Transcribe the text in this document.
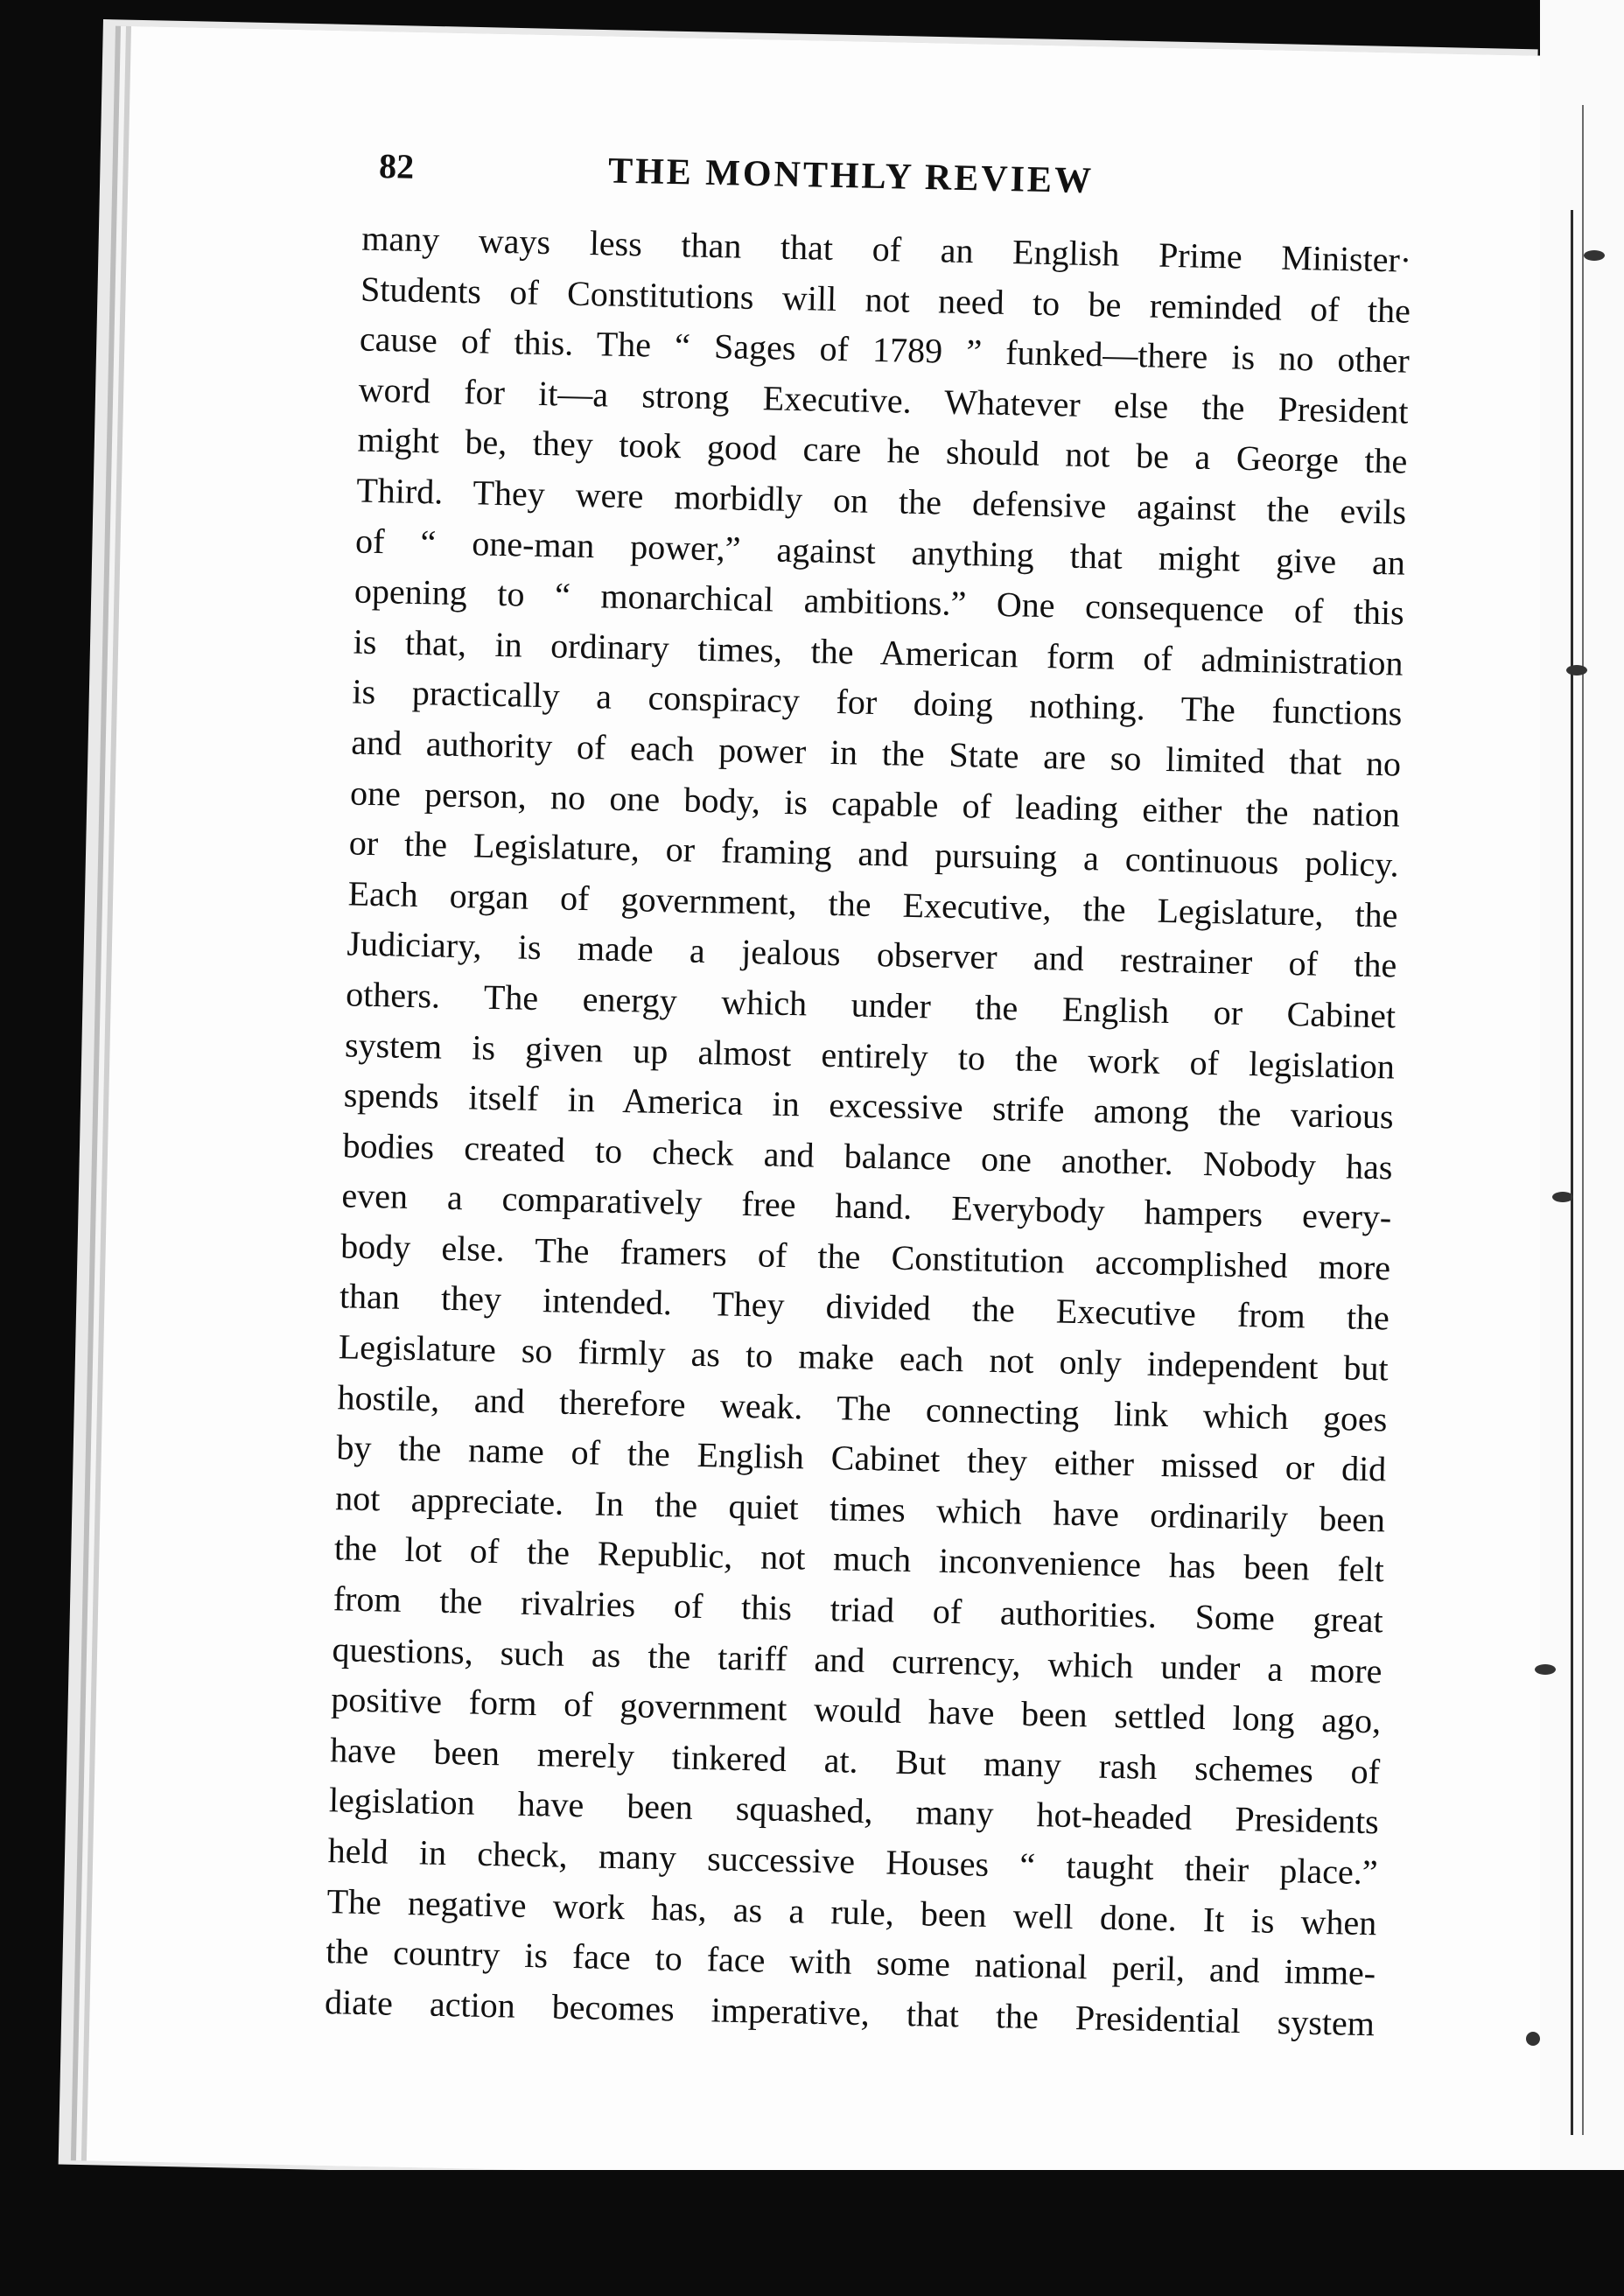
82	THE MONTHLY REVIEW
many ways less than that of an English Prime Minister·
Students of Constitutions will not need to be reminded of the
cause of this. The “ Sages of 1789 ” funked—there is no other
word for it—a strong Executive. Whatever else the President
might be, they took good care he should not be a George the
Third. They were morbidly on the defensive against the evils
of “ one-man power,” against anything that might give an
opening to “ monarchical ambitions.” One consequence of this
is that, in ordinary times, the American form of administration
is practically a conspiracy for doing nothing. The functions
and authority of each power in the State are so limited that no
one person, no one body, is capable of leading either the nation
or the Legislature, or framing and pursuing a continuous policy.
Each organ of government, the Executive, the Legislature, the
Judiciary, is made a jealous observer and restrainer of the
others. The energy which under the English or Cabinet
system is given up almost entirely to the work of legislation
spends itself in America in excessive strife among the various
bodies created to check and balance one another. Nobody has
even a comparatively free hand. Everybody hampers every-
body else. The framers of the Constitution accomplished more
than they intended. They divided the Executive from the
Legislature so firmly as to make each not only independent but
hostile, and therefore weak. The connecting link which goes
by the name of the English Cabinet they either missed or did
not appreciate. In the quiet times which have ordinarily been
the lot of the Republic, not much inconvenience has been felt
from the rivalries of this triad of authorities. Some great
questions, such as the tariff and currency, which under a more
positive form of government would have been settled long ago,
have been merely tinkered at. But many rash schemes of
legislation have been squashed, many hot-headed Presidents
held in check, many successive Houses “ taught their place.”
The negative work has, as a rule, been well done. It is when
the country is face to face with some national peril, and imme-
diate action becomes imperative, that the Presidential system
